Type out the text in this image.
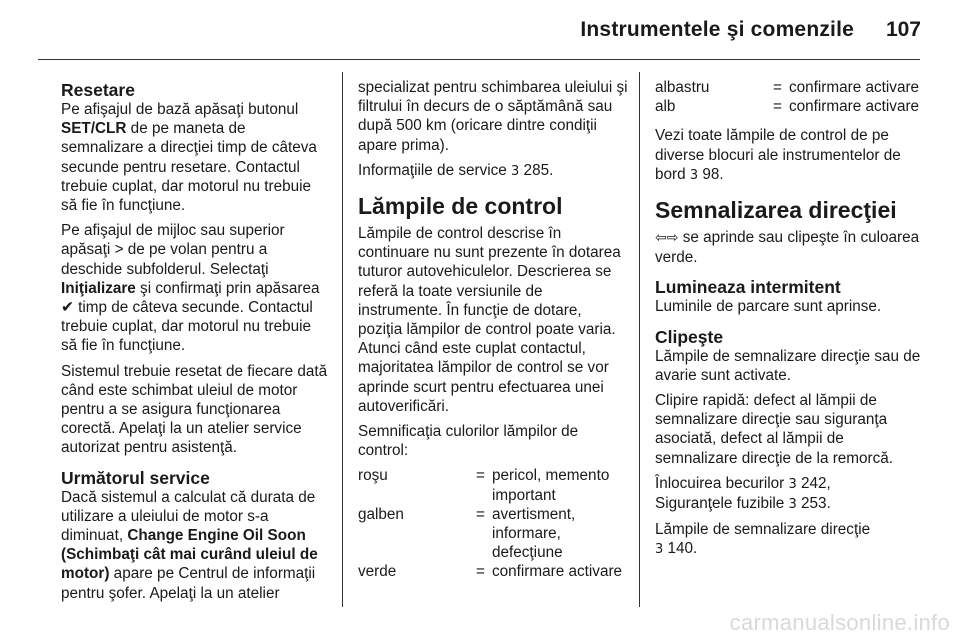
Instrumentele şi comenzile 107
Resetare

Pe afişajul de bază apăsaţi butonul SET/CLR de pe maneta de semnalizare a direcţiei timp de câteva secunde pentru resetare. Contactul trebuie cuplat, dar motorul nu trebuie să fie în funcţiune.

Pe afişajul de mijloc sau superior apăsaţi > de pe volan pentru a deschide subfolderul. Selectaţi Iniţializare şi confirmaţi prin apăsarea ✔ timp de câteva secunde. Contactul trebuie cuplat, dar motorul nu trebuie să fie în funcţiune.

Sistemul trebuie resetat de fiecare dată când este schimbat uleiul de motor pentru a se asigura funcţionarea corectă. Apelaţi la un atelier service autorizat pentru asistenţă.

Următorul service

Dacă sistemul a calculat că durata de utilizare a uleiului de motor s-a diminuat, Change Engine Oil Soon (Schimbaţi cât mai curând uleiul de motor) apare pe Centrul de informaţii pentru şofer. Apelaţi la un atelier

specializat pentru schimbarea uleiului şi filtrului în decurs de o săptămână sau după 500 km (oricare dintre condiţii apare prima).

Informaţiile de service 3 285.

Lămpile de control

Lămpile de control descrise în continuare nu sunt prezente în dotarea tuturor autovehiculelor. Descrierea se referă la toate versiunile de instrumente. În funcţie de dotare, poziţia lămpilor de control poate varia. Atunci când este cuplat contactul, majoritatea lămpilor de control se vor aprinde scurt pentru efectuarea unei autoverificări.

Semnificaţia culorilor lămpilor de control:

roşu	=	pericol, memento important
galben	=	avertisment, informare, defecţiune
verde	=	confirmare activare
albastru	=	confirmare activare
alb	=	confirmare activare

Vezi toate lămpile de control de pe diverse blocuri ale instrumentelor de bord 3 98.

Semnalizarea direcţiei

⇦⇨ se aprinde sau clipeşte în culoarea verde.

Lumineaza intermitent

Luminile de parcare sunt aprinse.

Clipeşte

Lămpile de semnalizare direcţie sau de avarie sunt activate.

Clipire rapidă: defect al lămpii de semnalizare direcţie sau siguranţa asociată, defect al lămpii de semnalizare direcţie de la remorcă.

Înlocuirea becurilor 3 242,
Siguranţele fuzibile 3 253.

Lămpile de semnalizare direcţie
3 140.

carmanualsonline.info
